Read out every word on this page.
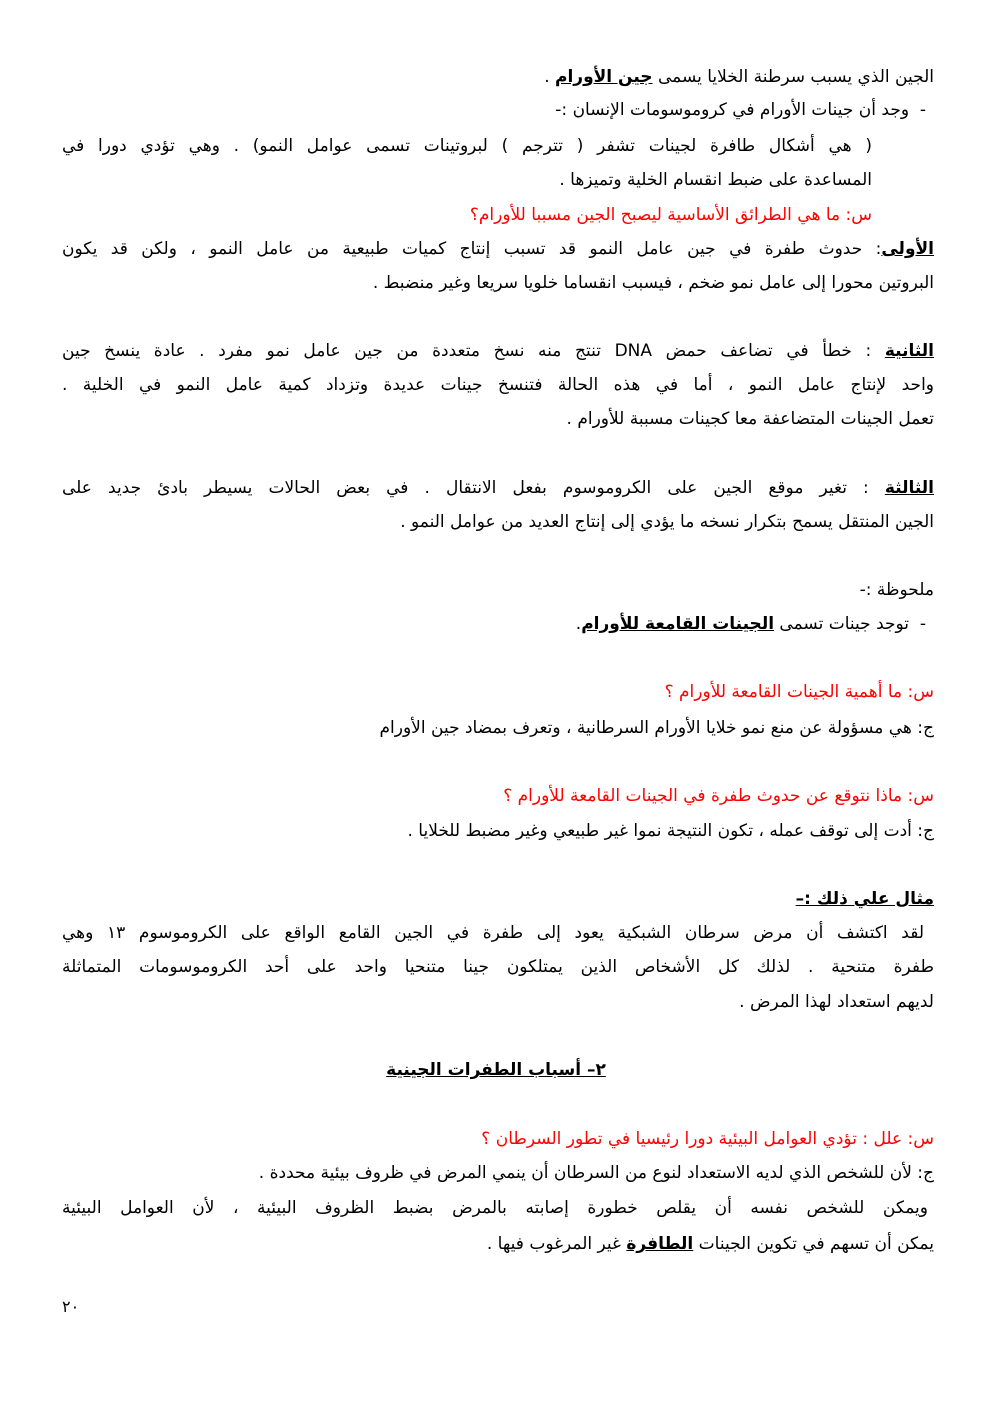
الجين الذي يسبب سرطنة الخلايا يسمى جين الأورام .
-  وجد أن جينات الأورام في كروموسومات الإنسان :-
( هي أشكال طافرة لجينات تشفر ( تترجم ) لبروتينات تسمى عوامل النمو) . وهي تؤدي دورا في
المساعدة على ضبط انقسام الخلية وتميزها .
س: ما هي الطرائق الأساسية ليصبح الجين مسببا للأورام؟
الأولى: حدوث طفرة في جين عامل النمو قد تسبب إنتاج كميات طبيعية من عامل النمو ، ولكن قد يكون
البروتين محورا إلى عامل نمو ضخم ، فيسبب انقساما خلويا سريعا وغير منضبط .
الثانية : خطأ في تضاعف حمض DNA تنتج منه نسخ متعددة من جين عامل نمو مفرد . عادة ينسخ جين
واحد لإنتاج عامل النمو ، أما في هذه الحالة فتنسخ جينات عديدة وتزداد كمية عامل النمو في الخلية .
تعمل الجينات المتضاعفة معا كجينات مسببة للأورام .
الثالثة : تغير موقع الجين على الكروموسوم بفعل الانتقال . في بعض الحالات يسيطر بادئ جديد على
الجين المنتقل يسمح بتكرار نسخه ما يؤدي إلى إنتاج العديد من عوامل النمو .
ملحوظة :-
-  توجد جينات تسمى الجينات القامعة للأورام.
س: ما أهمية الجينات القامعة للأورام ؟
ج: هي مسؤولة عن منع نمو خلايا الأورام السرطانية ، وتعرف بمضاد جين الأورام
س: ماذا نتوقع عن حدوث طفرة في الجينات القامعة للأورام ؟
ج: أدت إلى توقف عمله ، تكون النتيجة نموا غير طبيعي وغير مضبط للخلايا .
مثال علي ذلك :–
لقد اكتشف أن مرض سرطان الشبكية يعود إلى طفرة في الجين القامع الواقع على الكروموسوم ١٣ وهي
طفرة متنحية . لذلك كل الأشخاص الذين يمتلكون جينا متنحيا واحد على أحد الكروموسومات المتماثلة
لديهم استعداد لهذا المرض .
٢– أسباب الطفرات الجينية
س: علل : تؤدي العوامل البيئية دورا رئيسيا في تطور السرطان ؟
ج: لأن للشخص الذي لديه الاستعداد لنوع من السرطان أن ينمي المرض في ظروف بيئية محددة .
ويمكن للشخص نفسه أن يقلص خطورة إصابته بالمرض بضبط الظروف البيئية ، لأن العوامل البيئية
يمكن أن تسهم في تكوين الجينات الطافرة غير المرغوب فيها .
٢٠
